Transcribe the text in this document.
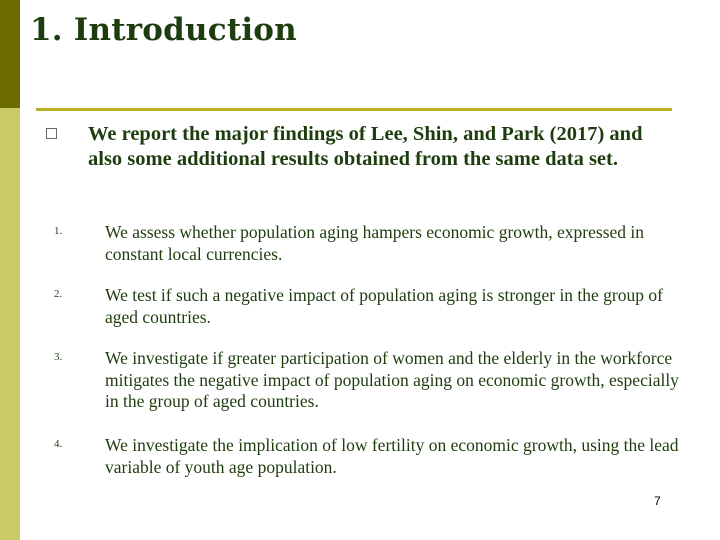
1. Introduction
We report the major findings of Lee, Shin, and Park (2017) and also some additional results obtained from the same data set.
1. We assess whether population aging hampers economic growth, expressed in constant local currencies.
2. We test if such a negative impact of population aging is stronger in the group of aged countries.
3. We investigate if greater participation of women and the elderly in the workforce mitigates the negative impact of population aging on economic growth, especially in the group of aged countries.
4. We investigate the implication of low fertility on economic growth, using the lead variable of youth age population.
7
